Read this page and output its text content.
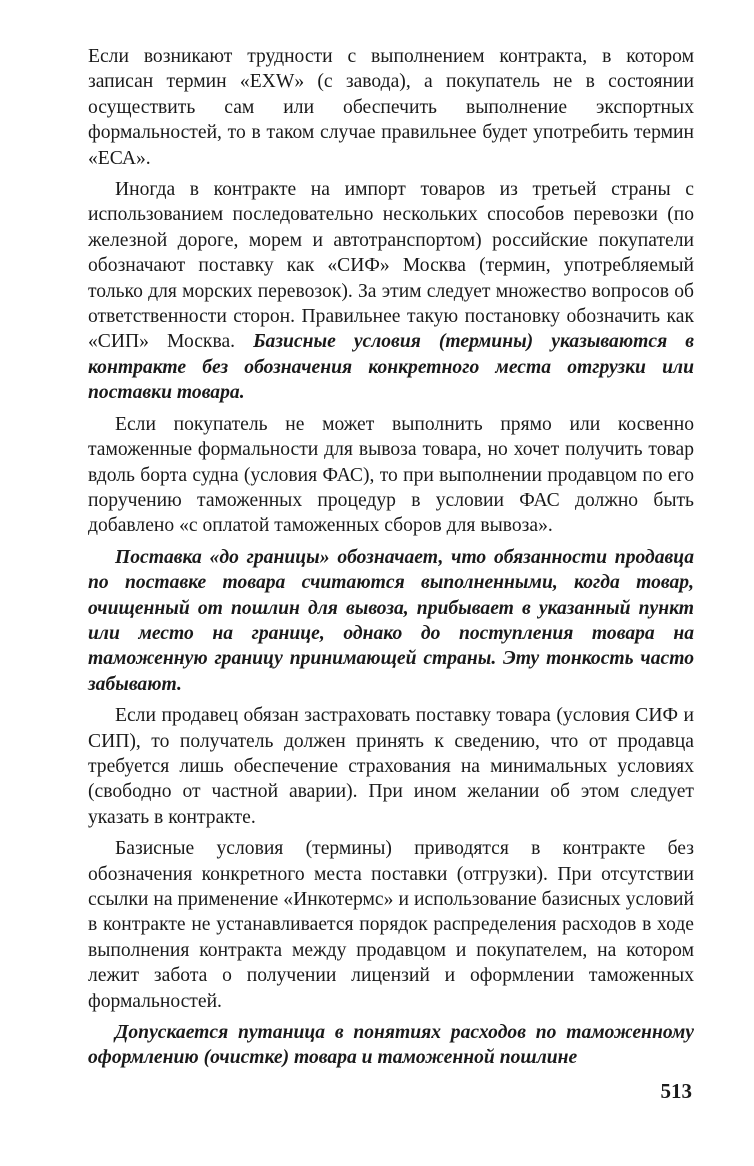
Если возникают трудности с выполнением контракта, в котором записан термин «EXW» (с завода), а покупатель не в состоянии осуществить сам или обеспечить выполнение экспортных формальностей, то в таком случае правильнее будет употребить термин «ЕСА».

Иногда в контракте на импорт товаров из третьей страны с использованием последовательно нескольких способов перевозки (по железной дороге, морем и автотранспортом) российские покупатели обозначают поставку как «СИФ» Москва (термин, употребляемый только для морских перевозок). За этим следует множество вопросов об ответственности сторон. Правильнее такую постановку обозначить как «СИП» Москва. Базисные условия (термины) указываются в контракте без обозначения конкретного места отгрузки или поставки товара.

Если покупатель не может выполнить прямо или косвенно таможенные формальности для вывоза товара, но хочет получить товар вдоль борта судна (условия ФАС), то при выполнении продавцом по его поручению таможенных процедур в условии ФАС должно быть добавлено «с оплатой таможенных сборов для вывоза».

Поставка «до границы» обозначает, что обязанности продавца по поставке товара считаются выполненными, когда товар, очищенный от пошлин для вывоза, прибывает в указанный пункт или место на границе, однако до поступления товара на таможенную границу принимающей страны. Эту тонкость часто забывают.

Если продавец обязан застраховать поставку товара (условия СИФ и СИП), то получатель должен принять к сведению, что от продавца требуется лишь обеспечение страхования на минимальных условиях (свободно от частной аварии). При ином желании об этом следует указать в контракте.

Базисные условия (термины) приводятся в контракте без обозначения конкретного места поставки (отгрузки). При отсутствии ссылки на применение «Инкотермс» и использование базисных условий в контракте не устанавливается порядок распределения расходов в ходе выполнения контракта между продавцом и покупателем, на котором лежит забота о получении лицензий и оформлении таможенных формальностей.

Допускается путаница в понятиях расходов по таможенному оформлению (очистке) товара и таможенной пошлине

513
